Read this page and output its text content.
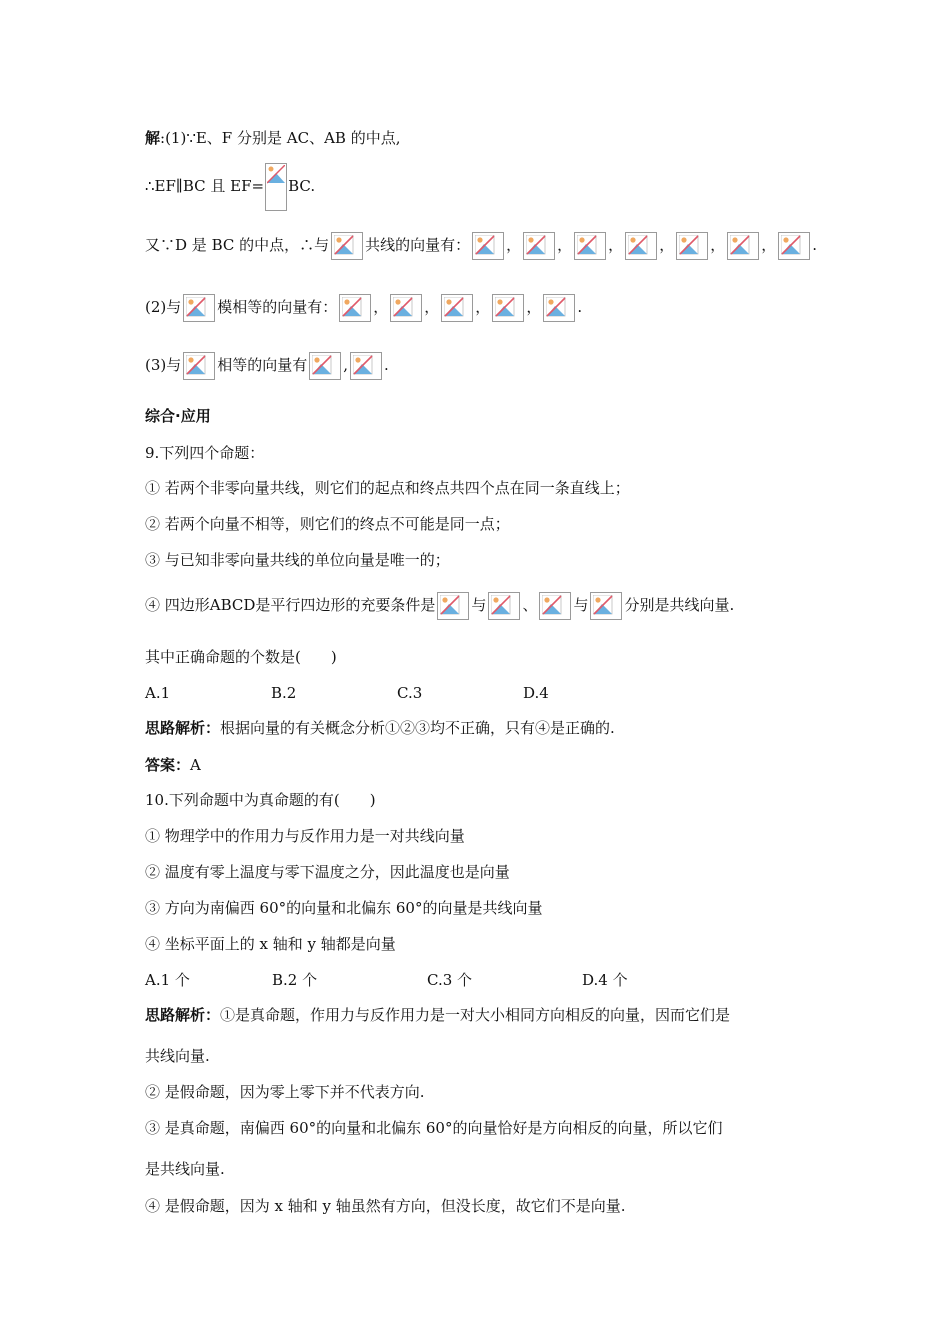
解:(1)∵E、F 分别是 AC、AB 的中点,
∴EF∥BC 且 EF= BC.
又∵D 是 BC 的中点，∴与 共线的向量有： ， ， ， ， ， ， .
(2)与 模相等的向量有： ， ， ， ， .
(3)与 相等的向量有 , .
综合·应用
9.下列四个命题：
① 若两个非零向量共线，则它们的起点和终点共四个点在同一条直线上；
② 若两个向量不相等，则它们的终点不可能是同一点；
③ 与已知非零向量共线的单位向量是唯一的；
④ 四边形ABCD是平行四边形的充要条件是 与 、 与 分别是共线向量.
其中正确命题的个数是(　　)
A.1	B.2	C.3	D.4
思路解析：根据向量的有关概念分析①②③均不正确，只有④是正确的.
答案：A
10.下列命题中为真命题的有(　　)
① 物理学中的作用力与反作用力是一对共线向量
② 温度有零上温度与零下温度之分，因此温度也是向量
③ 方向为南偏西 60°的向量和北偏东 60°的向量是共线向量
④ 坐标平面上的 x 轴和 y 轴都是向量
A.1 个	B.2 个	C.3 个	D.4 个
思路解析：①是真命题，作用力与反作用力是一对大小相同方向相反的向量，因而它们是
共线向量.
② 是假命题，因为零上零下并不代表方向.
③ 是真命题，南偏西 60°的向量和北偏东 60°的向量恰好是方向相反的向量，所以它们
是共线向量.
④ 是假命题，因为 x 轴和 y 轴虽然有方向，但没长度，故它们不是向量.
